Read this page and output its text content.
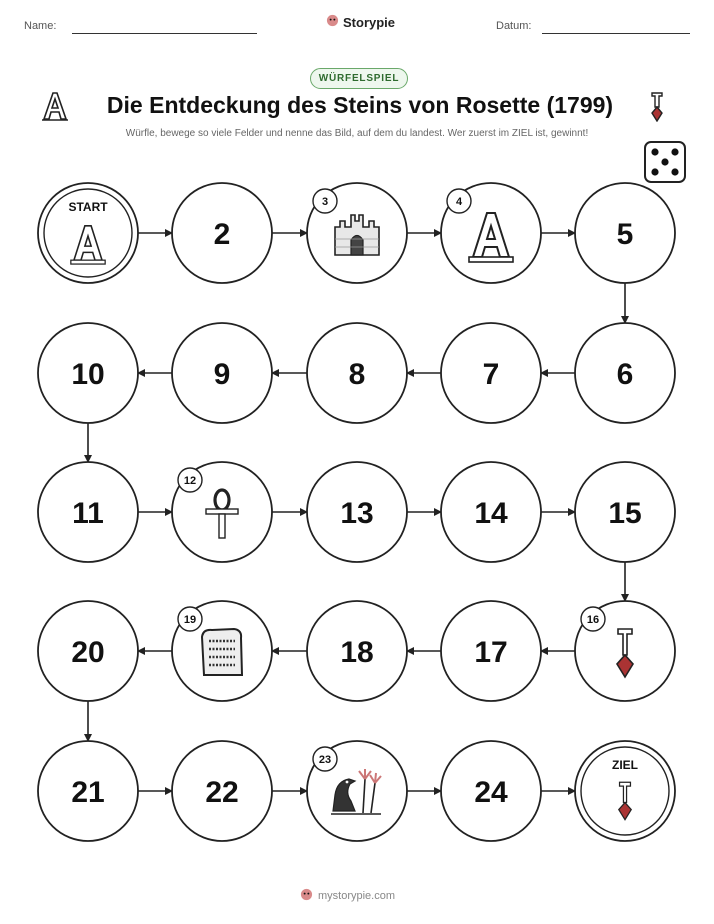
Name:	Storypie	Datum:
WÜRFELSPIEL
Die Entdeckung des Steins von Rosette (1799)
Würfle, bewege so viele Felder und nenne das Bild, auf dem du landest. Wer zuerst im ZIEL ist, gewinnt!
START
2
3	4
5
6
7
8
9
10
11
12
13	14	15
16
17
18
19
20
21	22
23
24
ZIEL
mystorypie.com
